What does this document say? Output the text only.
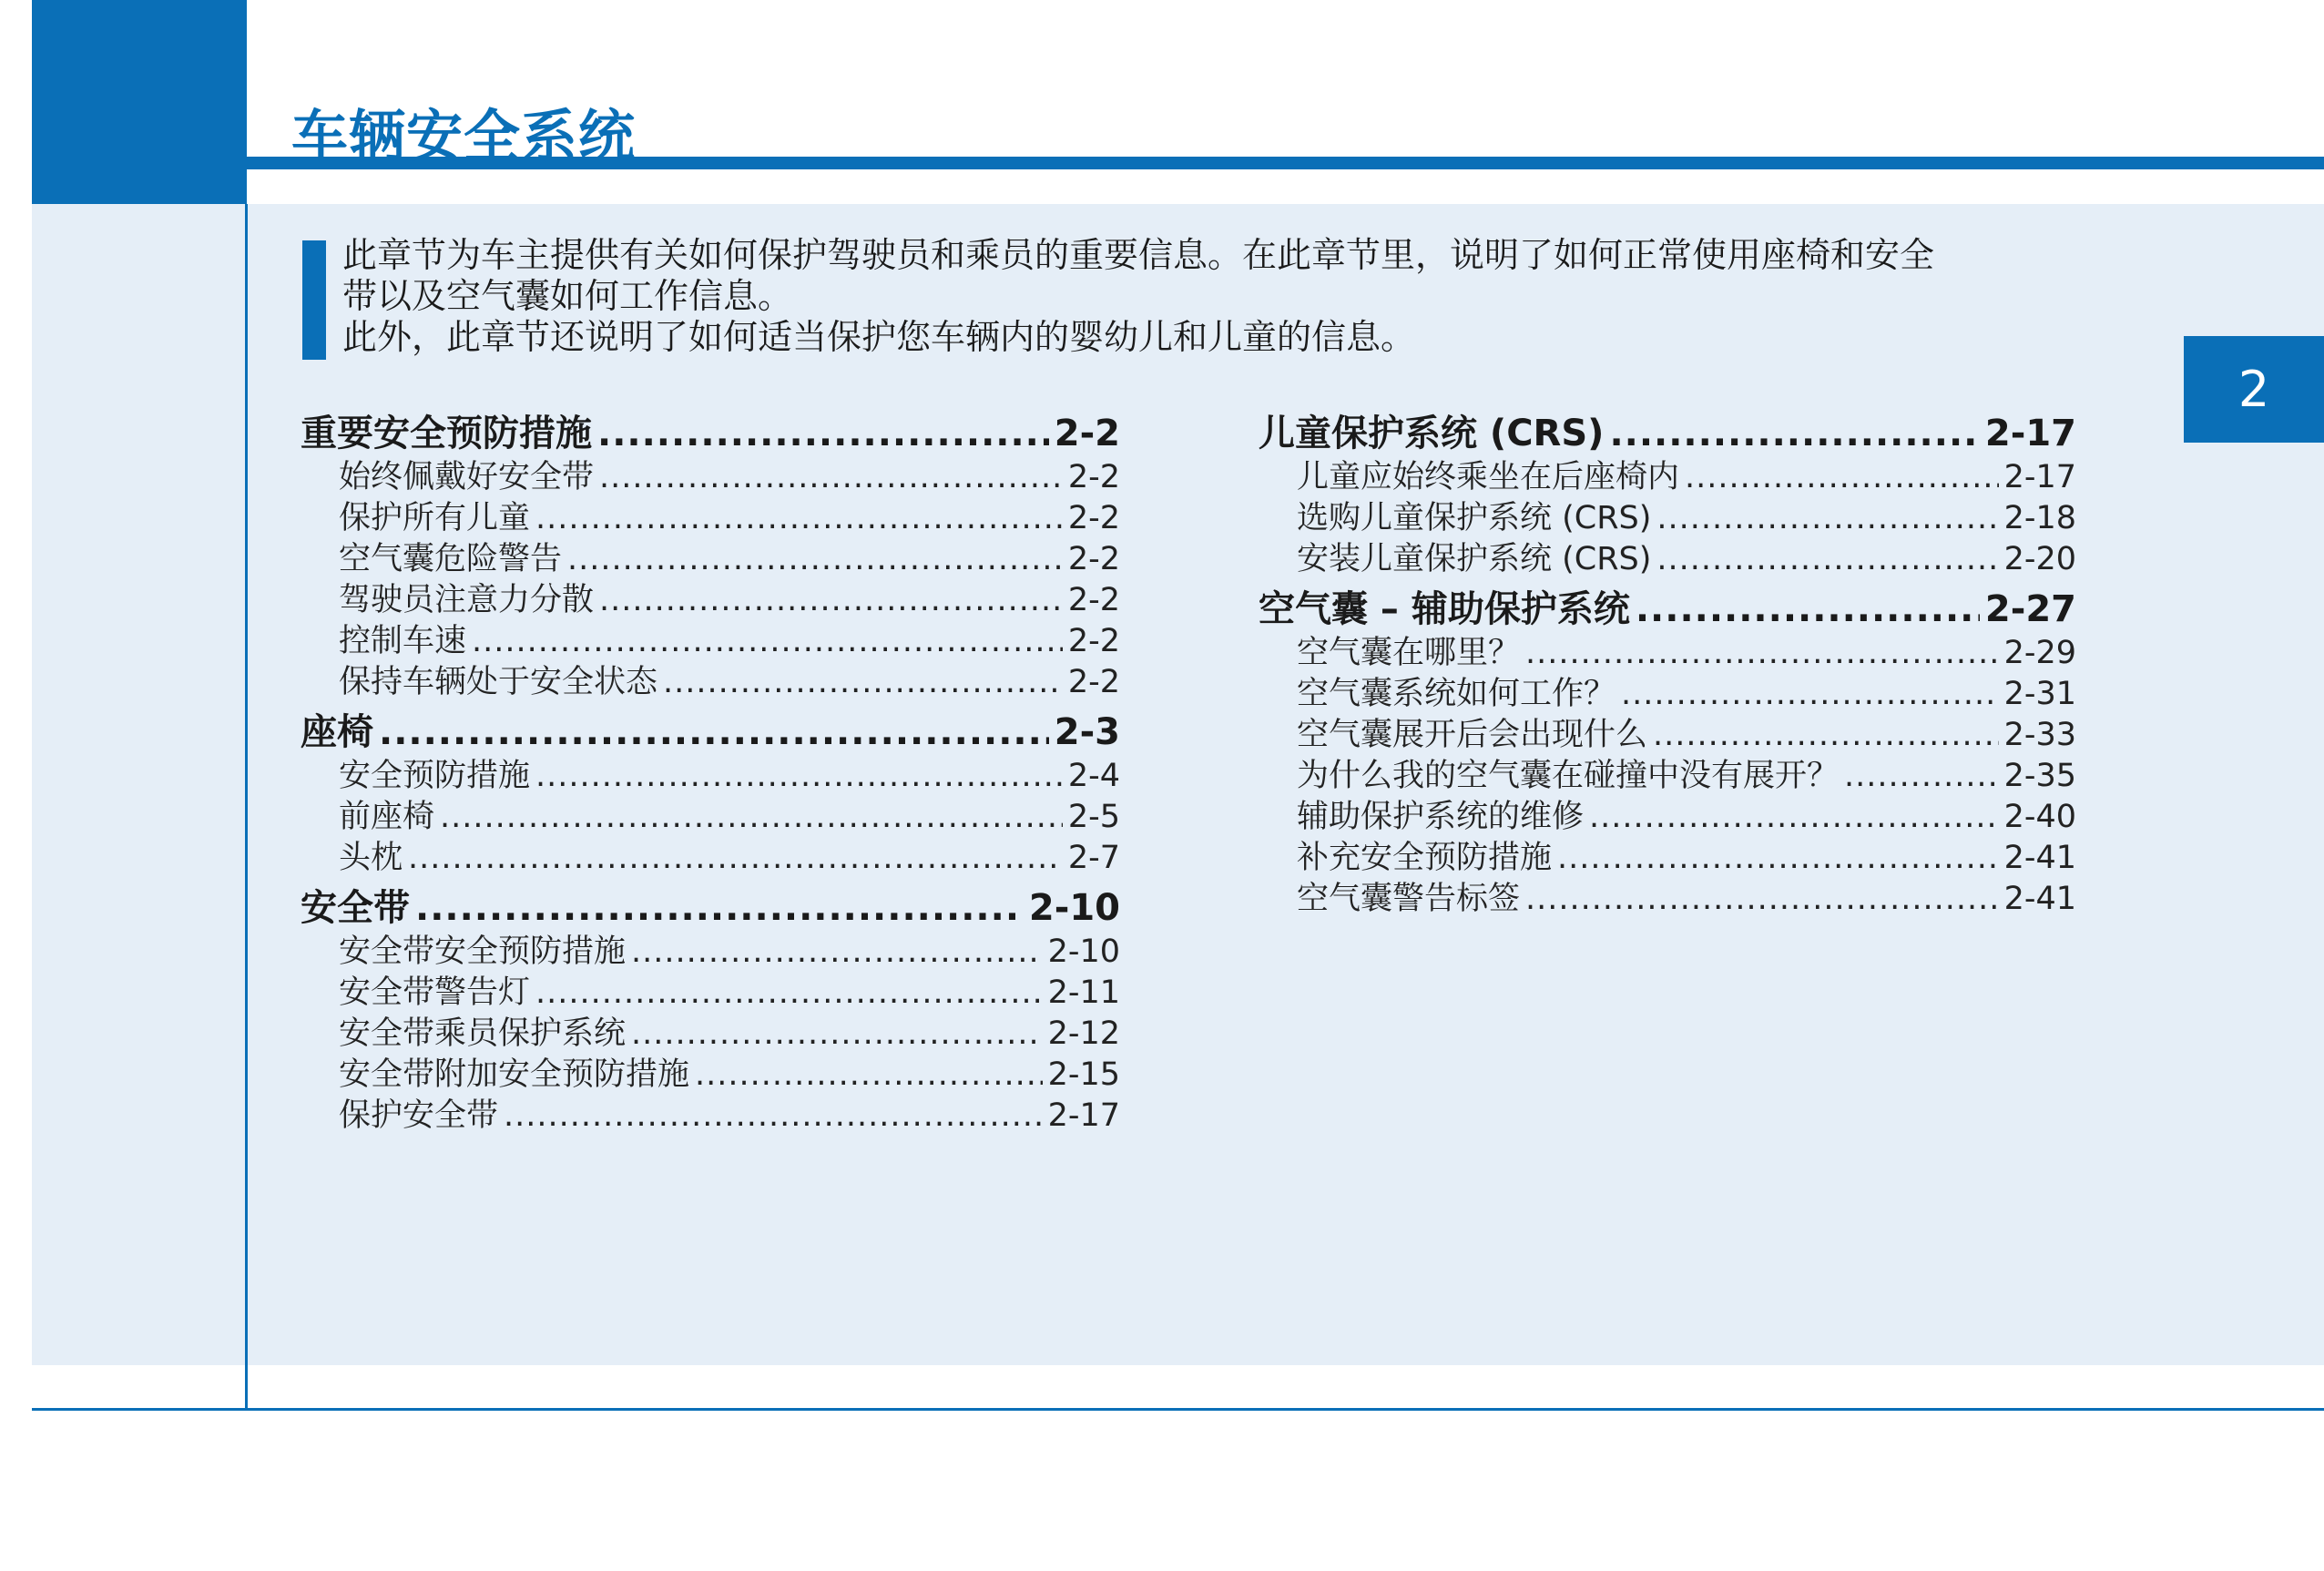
车辆安全系统
2

此章节为车主提供有关如何保护驾驶员和乘员的重要信息。在此章节里，说明了如何正常使用座椅和安全

带以及空气囊如何工作信息。

此外，此章节还说明了如何适当保护您车辆内的婴幼儿和儿童的信息。

重要安全预防措施 .....	2-2
始终佩戴好安全带 .....	2-2
保护所有儿童 .....	2-2
空气囊危险警告 .....	2-2
驾驶员注意力分散 .....	2-2
控制车速 .....	2-2
保持车辆处于安全状态 .....	2-2
座椅 .....	2-3
安全预防措施 .....	2-4
前座椅 .....	2-5
头枕 .....	2-7
安全带 .....	2-10
安全带安全预防措施 .....	2-10
安全带警告灯 .....	2-11
安全带乘员保护系统 .....	2-12
安全带附加安全预防措施 .....	2-15
保护安全带 .....	2-17
儿童保护系统 (CRS) .....	2-17
儿童应始终乘坐在后座椅内 .....	2-17
选购儿童保护系统 (CRS) .....	2-18
安装儿童保护系统 (CRS) .....	2-20
空气囊 – 辅助保护系统 .....	2-27
空气囊在哪里？ .....	2-29
空气囊系统如何工作？ .....	2-31
空气囊展开后会出现什么 .....	2-33
为什么我的空气囊在碰撞中没有展开？ .....	2-35
辅助保护系统的维修 .....	2-40
补充安全预防措施 .....	2-41
空气囊警告标签 .....	2-41
